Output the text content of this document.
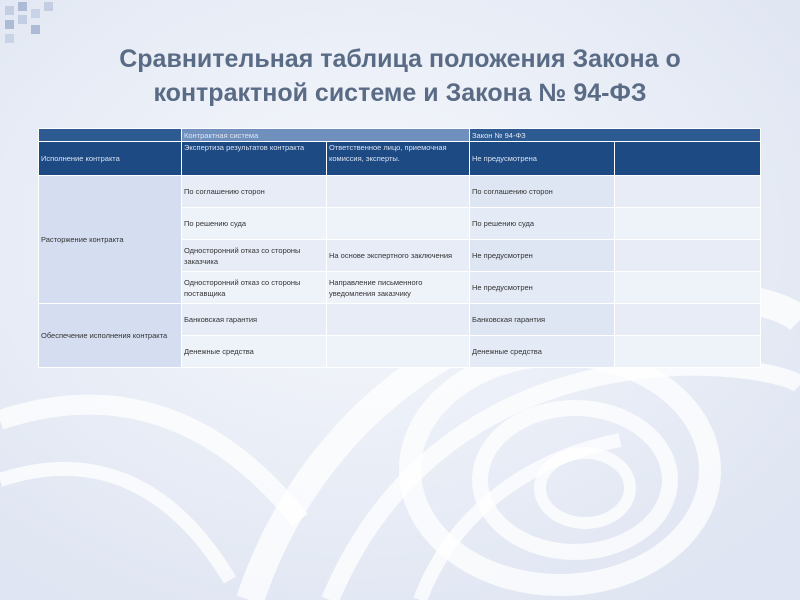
Сравнительная таблица положения Закона о
контрактной системе и Закона № 94-ФЗ
	Контрактная система		Закон № 94-ФЗ	
Исполнение контракта	Экспертиза результатов контракта	Ответственное лицо, приемочная комиссия, эксперты.	Не предусмотрена	
Расторжение контракта	По соглашению сторон		По соглашению сторон	
	По решению суда		По решению суда	
	Односторонний отказ со стороны заказчика	На основе экспертного заключения	Не предусмотрен	
	Односторонний отказ со стороны поставщика	Направление письменного уведомления заказчику	Не предусмотрен	
Обеспечение исполнения контракта	Банковская гарантия		Банковская гарантия	
	Денежные средства		Денежные средства	
